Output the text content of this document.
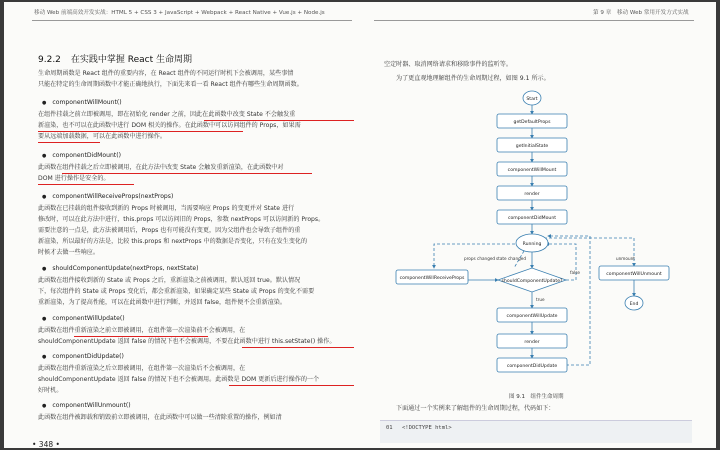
移动 Web 前端高效开发实战：HTML 5 + CSS 3 + JavaScript + Webpack + React Native + Vue.js + Node.js	第 9 章　移动 Web 常用开发方式实战
9.2.2 在实践中掌握 React 生命周期
生命周期函数是 React 组件的重要内容，在 React 组件的不同运行时机下会被调用，某些事情
只能在特定的生命周期函数中才能正确地执行，下面先来看一看 React 组件有哪些生命周期函数。
● componentWillMount()
在组件挂载之前立即被调用，即在初始化 render 之前，因此在此函数中改变 State 不会触发重
新渲染，也不可以在此函数中进行 DOM 相关的操作。在此函数中可以访问组件的 Props，如果需
要从远端加载数据，可以在此函数中进行操作。
● componentDidMount()
此函数在组件挂载之后立即被调用，在此方法中改变 State 会触发重新渲染，在此函数中对
DOM 进行操作是安全的。
● componentWillReceiveProps(nextProps)
此函数在已挂载的组件接收到新的 Props 时被调用，当需要响应 Props 的变更并对 State 进行
修改时，可以在此方法中进行，this.props 可以访问旧的 Props，参数 nextProps 可以访问新的 Props。
需要注意的一点是，此方法被调用后，Props 也有可能没有变更，因为父组件也会导致子组件的重
新渲染，所以最好的方法是，比较 this.props 和 nextProps 中的数据是否变化，只有在发生变化的
时候才去做一些响应。
● shouldComponentUpdate(nextProps, nextState)
此函数在组件接收到新的 State 或 Props 之后，重新渲染之前被调用，默认返回 true。默认情况
下，每次组件的 State 或 Props 变化后，都会重新渲染，如果确定某些 State 或 Props 的变化不需要
重新渲染，为了提高性能，可以在此函数中进行判断，并返回 false，组件便不会重新渲染。
● componentWillUpdate()
此函数在组件重新渲染之前立即被调用，在组件第一次渲染前不会被调用，在
shouldComponentUpdate 返回 false 的情况下也不会被调用，不要在此函数中进行 this.setState() 操作。
● componentDidUpdate()
此函数在组件重新渲染之后立即被调用，在组件第一次渲染后不会被调用，在
shouldComponentUpdate 返回 false 的情况下也不会被调用。此函数是 DOM 更新后进行操作的一个
好时机。
● componentWillUnmount()
此函数在组件被卸载和销毁前立即被调用，在此函数中可以做一些清除重置的操作，例如清
• 348 •
空定时器、取消网络请求和移除事件的监听等。
为了更直观地理解组件的生命周期过程，如图 9.1 所示。
Start
getDefaultProps
getInitialState
componentWillMount
render
componentDidMount
Running
componentWillReceiveProps
shouldComponentUpdate?
componentWillUpdate
render
componentDidUpdate
componentWillUnmount
End
props changed state changed
false
true
unmount
图 9.1　组件生命周期
下面通过一个实例来了解组件的生命周期过程，代码如下：
01 <!DOCTYPE html>
